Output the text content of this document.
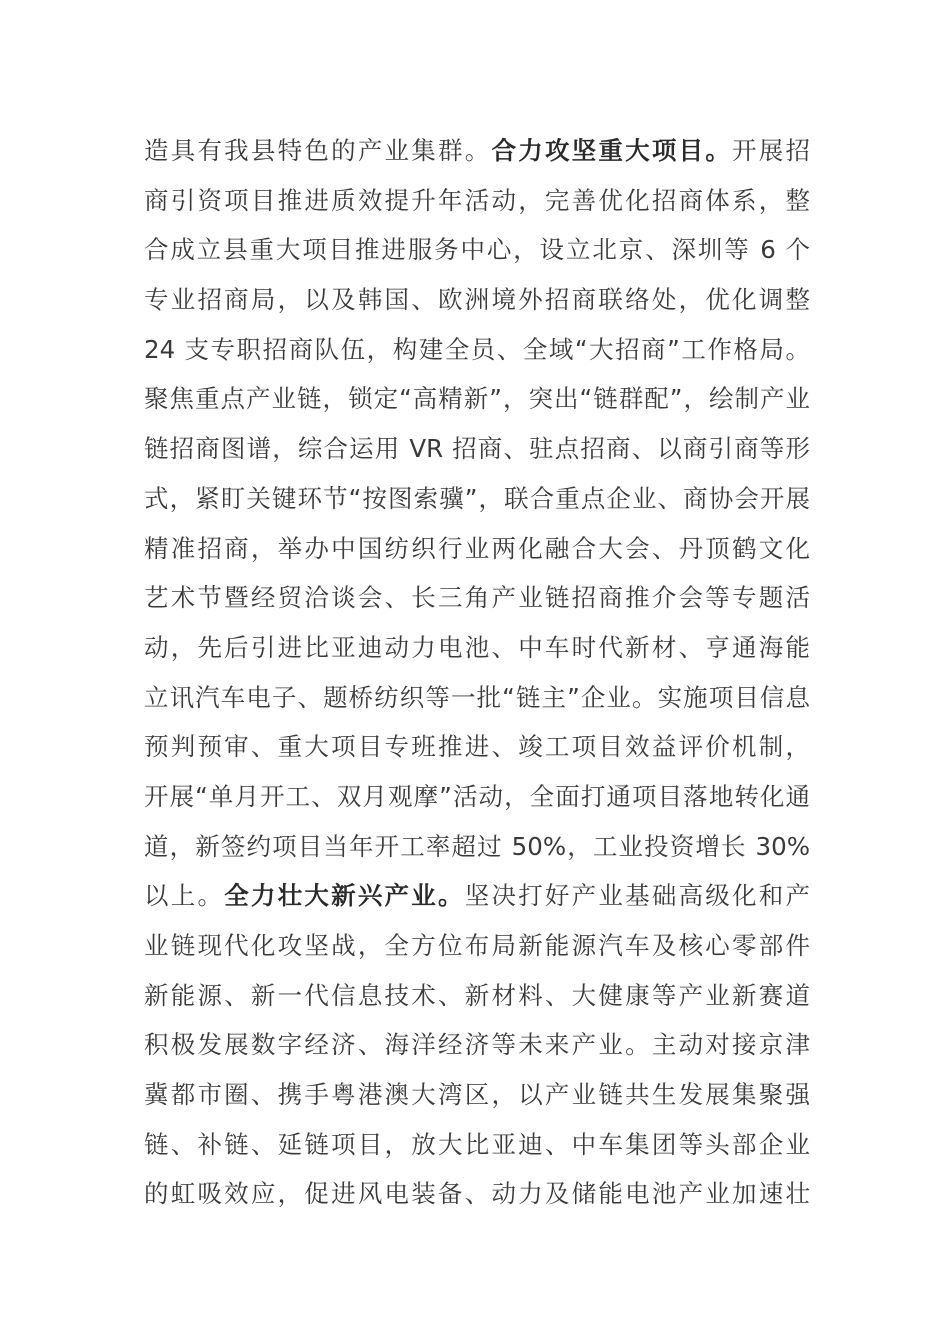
造具有我县特色的产业集群。合力攻坚重大项目。开展招
商引资项目推进质效提升年活动，完善优化招商体系，整
合成立县重大项目推进服务中心，设立北京、深圳等 6 个
专业招商局，以及韩国、欧洲境外招商联络处，优化调整
24 支专职招商队伍，构建全员、全域“大招商”工作格局。
聚焦重点产业链，锁定“高精新”，突出“链群配”，绘制产业
链招商图谱，综合运用 VR 招商、驻点招商、以商引商等形
式，紧盯关键环节“按图索骥”，联合重点企业、商协会开展
精准招商，举办中国纺织行业两化融合大会、丹顶鹤文化
艺术节暨经贸洽谈会、长三角产业链招商推介会等专题活
动，先后引进比亚迪动力电池、中车时代新材、亨通海能
立讯汽车电子、题桥纺织等一批“链主”企业。实施项目信息
预判预审、重大项目专班推进、竣工项目效益评价机制，
开展“单月开工、双月观摩”活动，全面打通项目落地转化通
道，新签约项目当年开工率超过 50%，工业投资增长 30%
以上。全力壮大新兴产业。坚决打好产业基础高级化和产
业链现代化攻坚战，全方位布局新能源汽车及核心零部件
新能源、新一代信息技术、新材料、大健康等产业新赛道
积极发展数字经济、海洋经济等未来产业。主动对接京津
冀都市圈、携手粤港澳大湾区，以产业链共生发展集聚强
链、补链、延链项目，放大比亚迪、中车集团等头部企业
的虹吸效应，促进风电装备、动力及储能电池产业加速壮
